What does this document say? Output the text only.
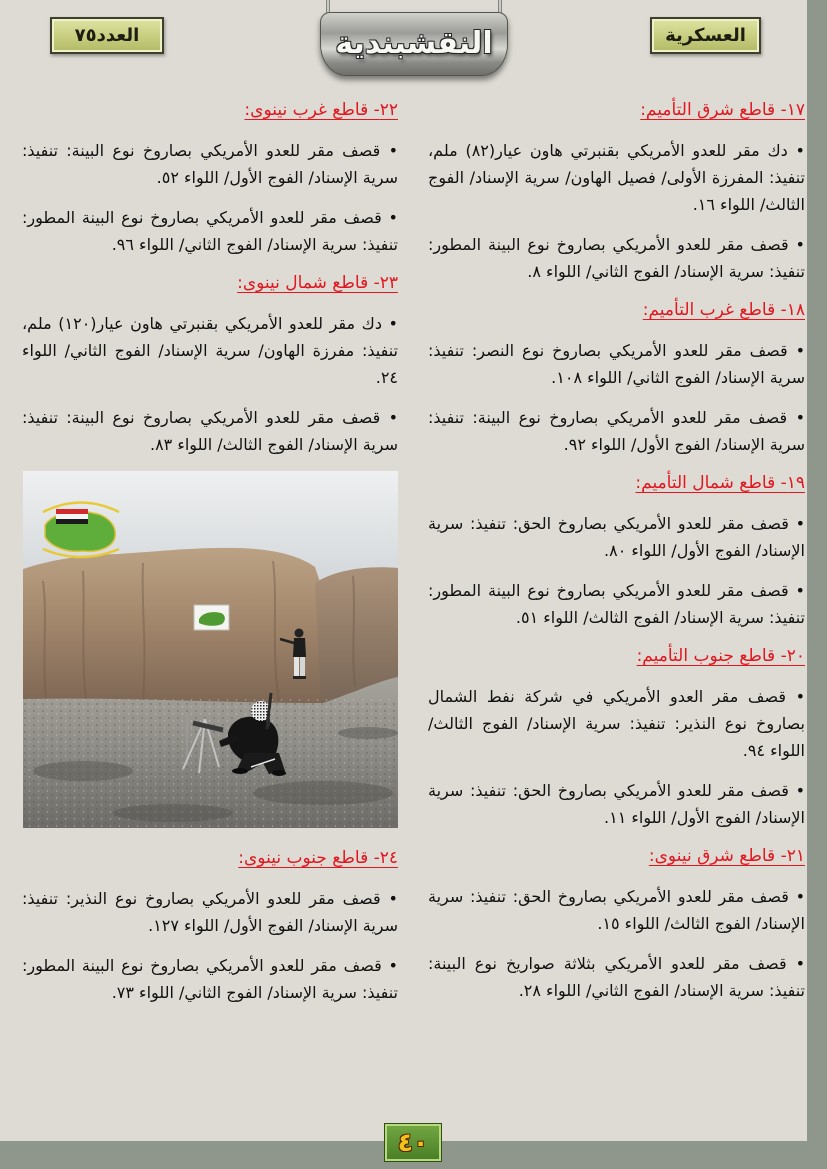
العدد٧٥	العسكرية
النقشبندية
١٧- قاطع شرق التأميم:

• دك مقر للعدو الأمريكي بقنبرتي هاون عيار(٨٢) ملم، تنفيذ: المفرزة الأولى/ فصيل الهاون/ سرية الإسناد/ الفوج الثالث/ اللواء ١٦.

• قصف مقر للعدو الأمريكي بصاروخ نوع البينة المطور: تنفيذ: سرية الإسناد/ الفوج الثاني/ اللواء ٨.

١٨- قاطع غرب التأميم:

• قصف مقر للعدو الأمريكي بصاروخ نوع النصر: تنفيذ: سرية الإسناد/ الفوج الثاني/ اللواء ١٠٨.

• قصف مقر للعدو الأمريكي بصاروخ نوع البينة: تنفيذ: سرية الإسناد/ الفوج الأول/ اللواء ٩٢.

١٩- قاطع شمال التأميم:

• قصف مقر للعدو الأمريكي بصاروخ الحق: تنفيذ: سرية الإسناد/ الفوج الأول/ اللواء ٨٠.

• قصف مقر للعدو الأمريكي بصاروخ نوع البينة المطور: تنفيذ: سرية الإسناد/ الفوج الثالث/ اللواء ٥١.

٢٠- قاطع جنوب التأميم:

• قصف مقر العدو الأمريكي في شركة نفط الشمال بصاروخ نوع النذير: تنفيذ: سرية الإسناد/ الفوج الثالث/ اللواء ٩٤.

• قصف مقر للعدو الأمريكي بصاروخ الحق: تنفيذ: سرية الإسناد/ الفوج الأول/ اللواء ١١.

٢١- قاطع شرق نينوى:

• قصف مقر للعدو الأمريكي بصاروخ الحق: تنفيذ: سرية الإسناد/ الفوج الثالث/ اللواء ١٥.

• قصف مقر للعدو الأمريكي بثلاثة صواريخ نوع البينة: تنفيذ: سرية الإسناد/ الفوج الثاني/ اللواء ٢٨.

٢٢- قاطع غرب نينوى:

• قصف مقر للعدو الأمريكي بصاروخ نوع البينة: تنفيذ: سرية الإسناد/ الفوج الأول/ اللواء ٥٢.

• قصف مقر للعدو الأمريكي بصاروخ نوع البينة المطور: تنفيذ: سرية الإسناد/ الفوج الثاني/ اللواء ٩٦.

٢٣- قاطع شمال نينوى:

• دك مقر للعدو الأمريكي بقنبرتي هاون عيار(١٢٠) ملم، تنفيذ: مفرزة الهاون/ سرية الإسناد/ الفوج الثاني/ اللواء ٢٤.

• قصف مقر للعدو الأمريكي بصاروخ نوع البينة: تنفيذ: سرية الإسناد/ الفوج الثالث/ اللواء ٨٣.

٢٤- قاطع جنوب نينوى:

• قصف مقر للعدو الأمريكي بصاروخ نوع النذير: تنفيذ: سرية الإسناد/ الفوج الأول/ اللواء ١٢٧.

• قصف مقر للعدو الأمريكي بصاروخ نوع البينة المطور: تنفيذ: سرية الإسناد/ الفوج الثاني/ اللواء ٧٣.

٤٠
